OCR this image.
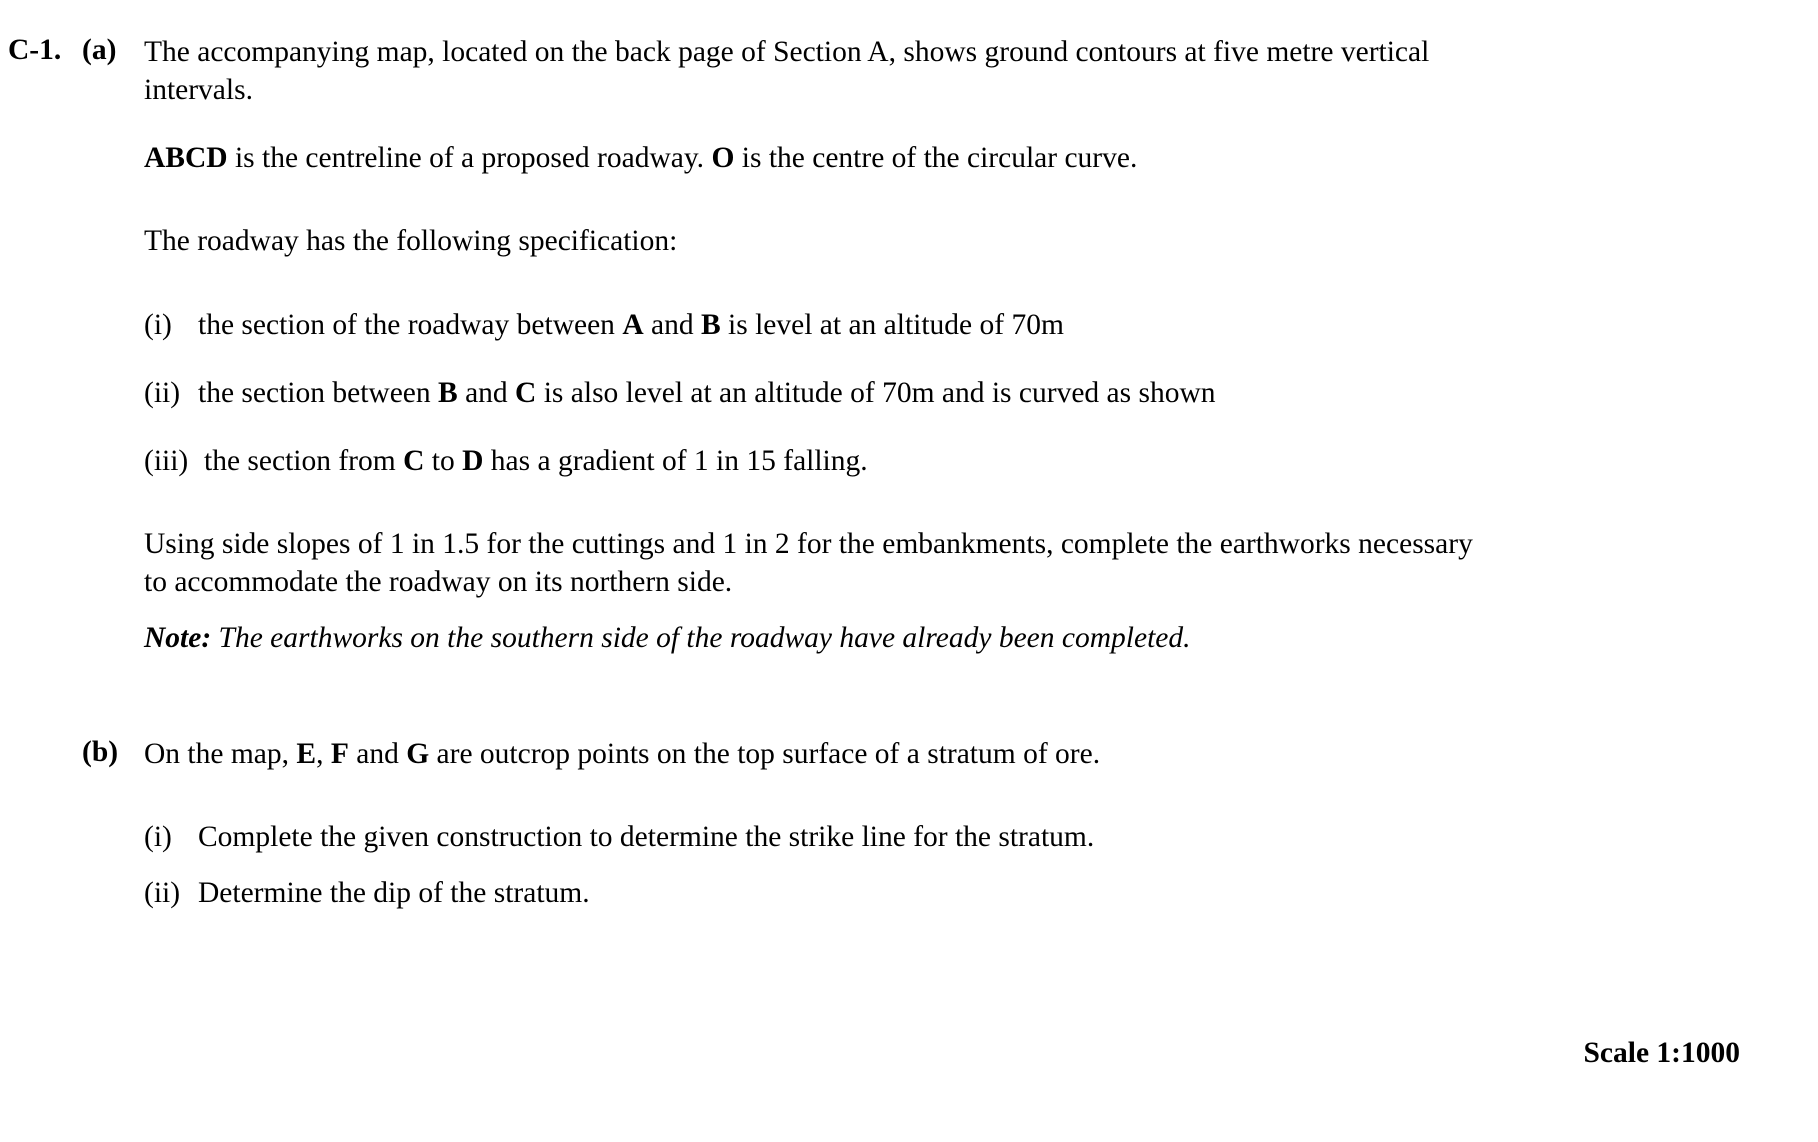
C-1. (a) The accompanying map, located on the back page of Section A, shows ground contours at five metre vertical intervals.

ABCD is the centreline of a proposed roadway. O is the centre of the circular curve.

The roadway has the following specification:

(i) the section of the roadway between A and B is level at an altitude of 70m
(ii) the section between B and C is also level at an altitude of 70m and is curved as shown
(iii) the section from C to D has a gradient of 1 in 15 falling.

Using side slopes of 1 in 1.5 for the cuttings and 1 in 2 for the embankments, complete the earthworks necessary to accommodate the roadway on its northern side.

Note: The earthworks on the southern side of the roadway have already been completed.

(b) On the map, E, F and G are outcrop points on the top surface of a stratum of ore.

(i) Complete the given construction to determine the strike line for the stratum.
(ii) Determine the dip of the stratum.
Scale 1:1000
